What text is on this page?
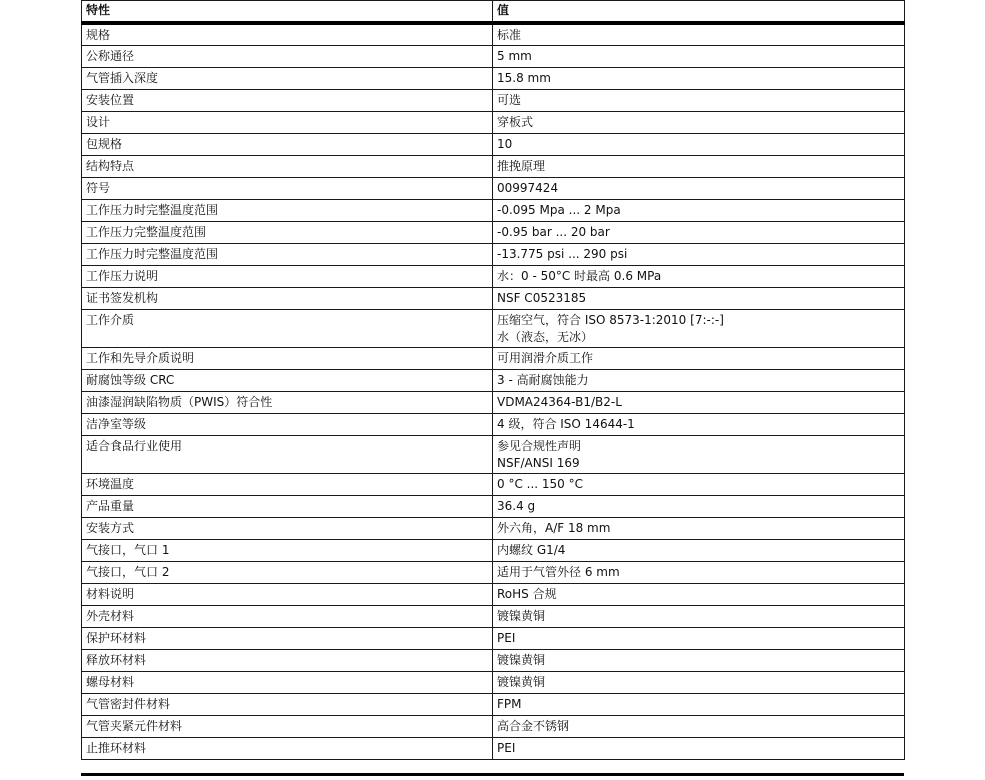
特性	值
规格	标准

公称通径	5 mm

气管插入深度	15.8 mm

安装位置	可选

设计	穿板式

包规格	10

结构特点	推挽原理

符号	00997424

工作压力时完整温度范围	-0.095 Mpa ... 2 Mpa

工作压力完整温度范围	-0.95 bar ... 20 bar

工作压力时完整温度范围	-13.775 psi ... 290 psi

工作压力说明	水：0 - 50°C 时最高 0.6 MPa

证书签发机构	NSF C0523185

工作介质	压缩空气，符合 ISO 8573-1:2010 [7:-:-]
水（液态，无冰）

工作和先导介质说明	可用润滑介质工作

耐腐蚀等级 CRC	3 - 高耐腐蚀能力

油漆湿润缺陷物质（PWIS）符合性	VDMA24364-B1/B2-L

洁净室等级	4 级，符合 ISO 14644-1

适合食品行业使用	参见合规性声明
NSF/ANSI 169

环境温度	0 °C ... 150 °C

产品重量	36.4 g

安装方式	外六角，A/F 18 mm

气接口，气口 1	内螺纹 G1/4

气接口，气口 2	适用于气管外径 6 mm

材料说明	RoHS 合规

外壳材料	镀镍黄铜

保护环材料	PEI

释放环材料	镀镍黄铜

螺母材料	镀镍黄铜

气管密封件材料	FPM

气管夹紧元件材料	高合金不锈钢

止推环材料	PEI
